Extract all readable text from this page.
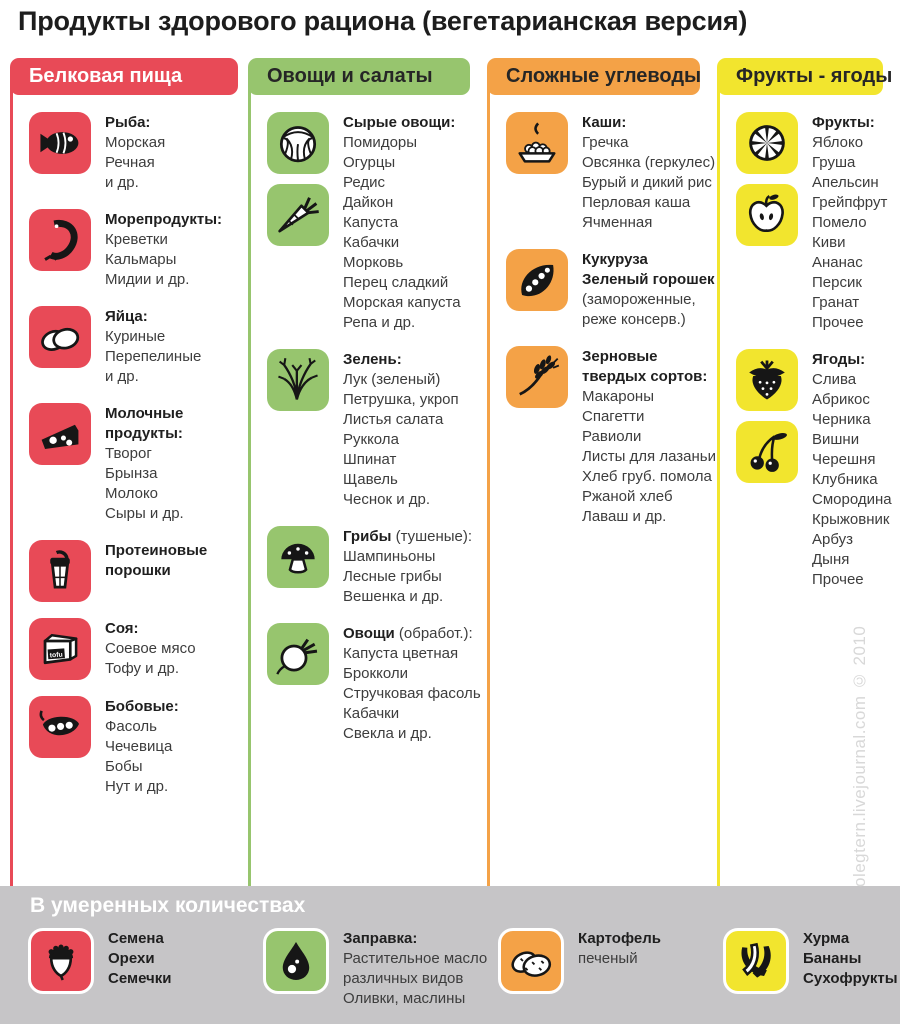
Продукты здорового рациона (вегетарианская версия)
Белковая пища
Рыба:
Морская
Речная
и др.
Морепродукты:
Креветки
Кальмары
Мидии и др.
Яйца:
Куриные
Перепелиные
и др.
Молочные
продукты:
Творог
Брынза
Молоко
Сыры и др.
Протеиновые
порошки
tofu
Соя:
Соевое мясо
Тофу и др.
Бобовые:
Фасоль
Чечевица
Бобы
Нут и др.
Овощи и салаты
Сырые овощи:
Помидоры
Огурцы
Редис
Дайкон
Капуста
Кабачки
Морковь
Перец сладкий
Морская капуста
Репа и др.
Зелень:
Лук (зеленый)
Петрушка, укроп
Листья салата
Руккола
Шпинат
Щавель
Чеснок и др.
Грибы (тушеные):
Шампиньоны
Лесные грибы
Вешенка и др.
Овощи (обработ.):
Капуста цветная
Брокколи
Стручковая фасоль
Кабачки
Свекла и др.
Сложные углеводы
Каши:
Гречка
Овсянка (геркулес)
Бурый и дикий рис
Перловая каша
Ячменная
Кукуруза
Зеленый горошек
(замороженные,
реже консерв.)
Зерновые
твердых сортов:
Макароны
Спагетти
Равиоли
Листы для лазаньи
Хлеб груб. помола
Ржаной хлеб
Лаваш и др.
Фрукты - ягоды
Фрукты:
Яблоко
Груша
Апельсин
Грейпфрут
Помело
Киви
Ананас
Персик
Гранат
Прочее
Ягоды:
Слива
Абрикос
Черника
Вишни
Черешня
Клубника
Смородина
Крыжовник
Арбуз
Дыня
Прочее
В умеренных количествах
Семена
Орехи
Семечки
Заправка:
Растительное масло
различных видов
Оливки, маслины
Картофель
печеный
Хурма
Бананы
Сухофрукты
olegtern.livejournal.com © 2010
